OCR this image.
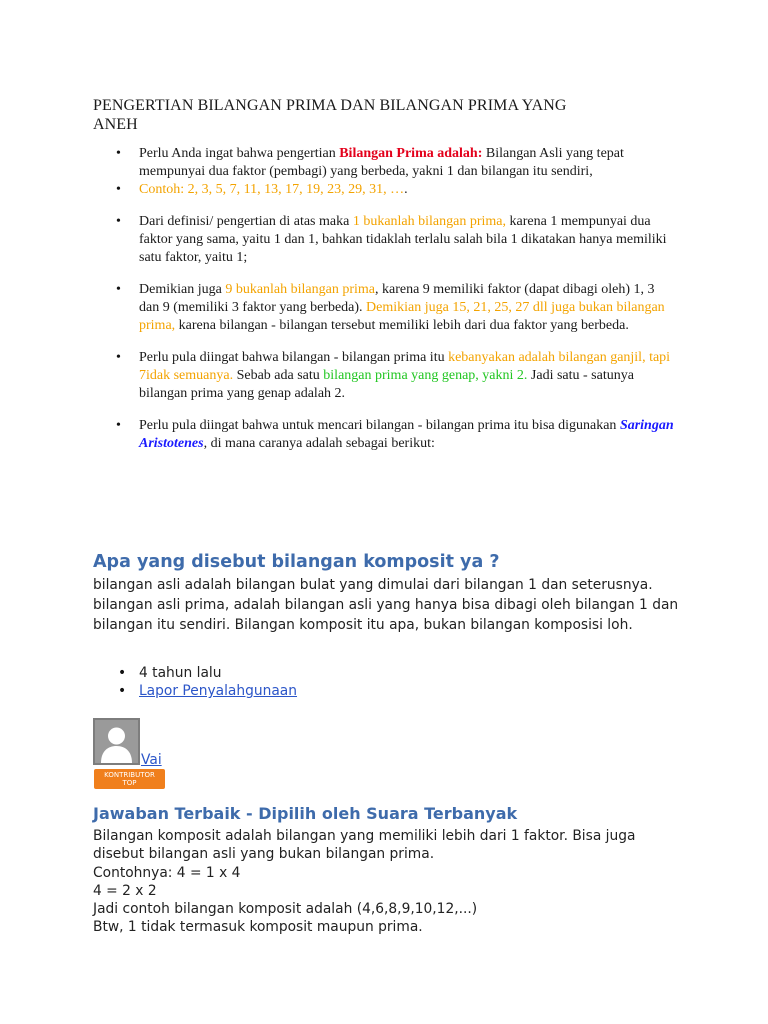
PENGERTIAN BILANGAN PRIMA DAN BILANGAN PRIMA YANG
ANEH
• Perlu Anda ingat bahwa pengertian Bilangan Prima adalah: Bilangan Asli yang tepat mempunyai dua faktor (pembagi) yang berbeda, yakni 1 dan bilangan itu sendiri,
• Contoh: 2, 3, 5, 7, 11, 13, 17, 19, 23, 29, 31, ….
• Dari definisi/ pengertian di atas maka 1 bukanlah bilangan prima, karena 1 mempunyai dua faktor yang sama, yaitu 1 dan 1, bahkan tidaklah terlalu salah bila 1 dikatakan hanya memiliki satu faktor, yaitu 1;
• Demikian juga 9 bukanlah bilangan prima, karena 9 memiliki faktor (dapat dibagi oleh) 1, 3 dan 9 (memiliki 3 faktor yang berbeda). Demikian juga 15, 21, 25, 27 dll juga bukan bilangan prima, karena bilangan - bilangan tersebut memiliki lebih dari dua faktor yang berbeda.
• Perlu pula diingat bahwa bilangan - bilangan prima itu kebanyakan adalah bilangan ganjil, tapi 7idak semuanya. Sebab ada satu bilangan prima yang genap, yakni 2. Jadi satu - satunya bilangan prima yang genap adalah 2.
• Perlu pula diingat bahwa untuk mencari bilangan - bilangan prima itu bisa digunakan Saringan Aristotenes, di mana caranya adalah sebagai berikut:
Apa yang disebut bilangan komposit ya ?

bilangan asli adalah bilangan bulat yang dimulai dari bilangan 1 dan seterusnya. bilangan asli prima, adalah bilangan asli yang hanya bisa dibagi oleh bilangan 1 dan bilangan itu sendiri. Bilangan komposit itu apa, bukan bilangan komposisi loh.

• 4 tahun lalu
• Lapor Penyalahgunaan
Vai
KONTRIBUTOR
TOP
Jawaban Terbaik - Dipilih oleh Suara Terbanyak
Bilangan komposit adalah bilangan yang memiliki lebih dari 1 faktor. Bisa juga
disebut bilangan asli yang bukan bilangan prima.
Contohnya: 4 = 1 x 4
4 = 2 x 2
Jadi contoh bilangan komposit adalah (4,6,8,9,10,12,...)
Btw, 1 tidak termasuk komposit maupun prima.
